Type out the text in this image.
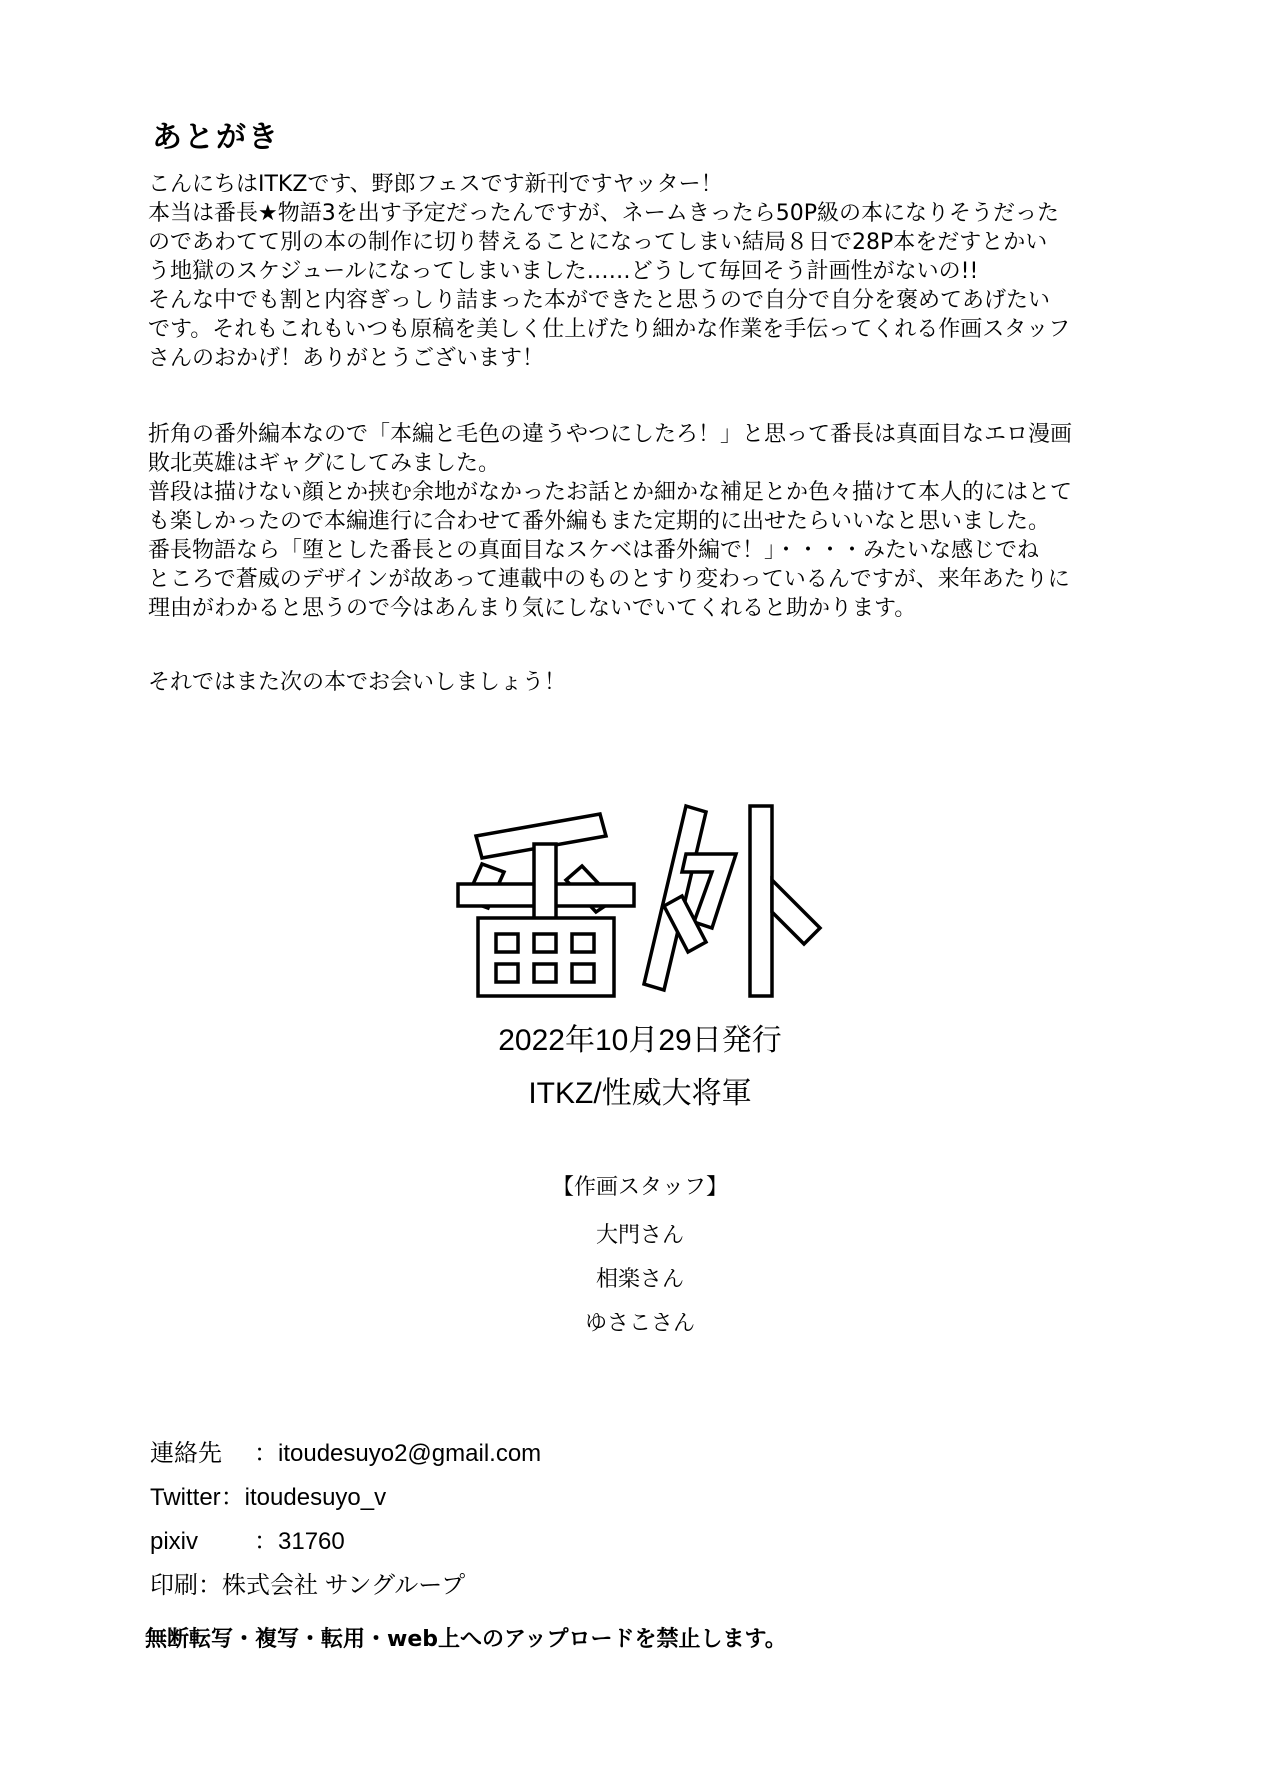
あとがき
こんにちはITKZです、野郎フェスです新刊ですヤッター！
本当は番長★物語3を出す予定だったんですが、ネームきったら50P級の本になりそうだった
のであわてて別の本の制作に切り替えることになってしまい結局８日で28P本をだすとかい
う地獄のスケジュールになってしまいました……どうして毎回そう計画性がないの!!
そんな中でも割と内容ぎっしり詰まった本ができたと思うので自分で自分を褒めてあげたい
です。それもこれもいつも原稿を美しく仕上げたり細かな作業を手伝ってくれる作画スタッフ
さんのおかげ！ありがとうございます！
折角の番外編本なので「本編と毛色の違うやつにしたろ！」と思って番長は真面目なエロ漫画
敗北英雄はギャグにしてみました。
普段は描けない顔とか挟む余地がなかったお話とか細かな補足とか色々描けて本人的にはとて
も楽しかったので本編進行に合わせて番外編もまた定期的に出せたらいいなと思いました。
番長物語なら「堕とした番長との真面目なスケベは番外編で！」・・・・みたいな感じでね
ところで蒼威のデザインが故あって連載中のものとすり変わっているんですが、来年あたりに
理由がわかると思うので今はあんまり気にしないでいてくれると助かります。
それではまた次の本でお会いしましょう！

2022年10月29日発行

ITKZ/性威大将軍

【作画スタッフ】

大門さん
相楽さん
ゆさこさん
連絡先 ：itoudesuyo2@gmail.com
Twitter：itoudesuyo_v
pixiv ：31760
印刷：株式会社 サングループ

無断転写・複写・転用・web上へのアップロードを禁止します。
